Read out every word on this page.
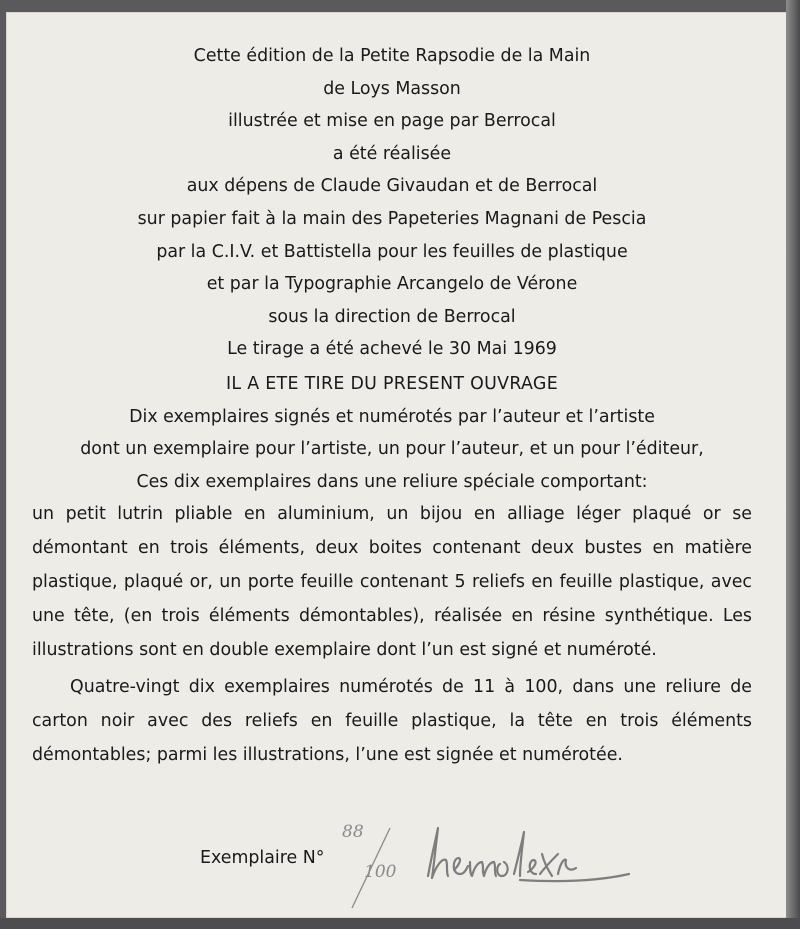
Cette édition de la Petite Rapsodie de la Main

de Loys Masson

illustrée et mise en page par Berrocal

a été réalisée

aux dépens de Claude Givaudan et de Berrocal

sur papier fait à la main des Papeteries Magnani de Pescia

par la C.I.V. et Battistella pour les feuilles de plastique

et par la Typographie Arcangelo de Vérone

sous la direction de Berrocal

Le tirage a été achevé le 30 Mai 1969

IL A ETE TIRE DU PRESENT OUVRAGE

Dix exemplaires signés et numérotés par l’auteur et l’artiste

dont un exemplaire pour l’artiste, un pour l’auteur, et un pour l’éditeur,

Ces dix exemplaires dans une reliure spéciale comportant:

un petit lutrin pliable en aluminium, un bijou en alliage léger plaqué or se démontant en trois éléments, deux boites contenant deux bustes en matière plastique, plaqué or, un porte feuille contenant 5 reliefs en feuille plastique, avec une tête, (en trois éléments démontables), réalisée en résine synthétique. Les illustrations sont en double exemplaire dont l’un est signé et numéroté.

Quatre-vingt dix exemplaires numérotés de 11 à 100, dans une reliure de carton noir avec des reliefs en feuille plastique, la tête en trois éléments démontables; parmi les illustrations, l’une est signée et numérotée.

Exemplaire N°
88
100
